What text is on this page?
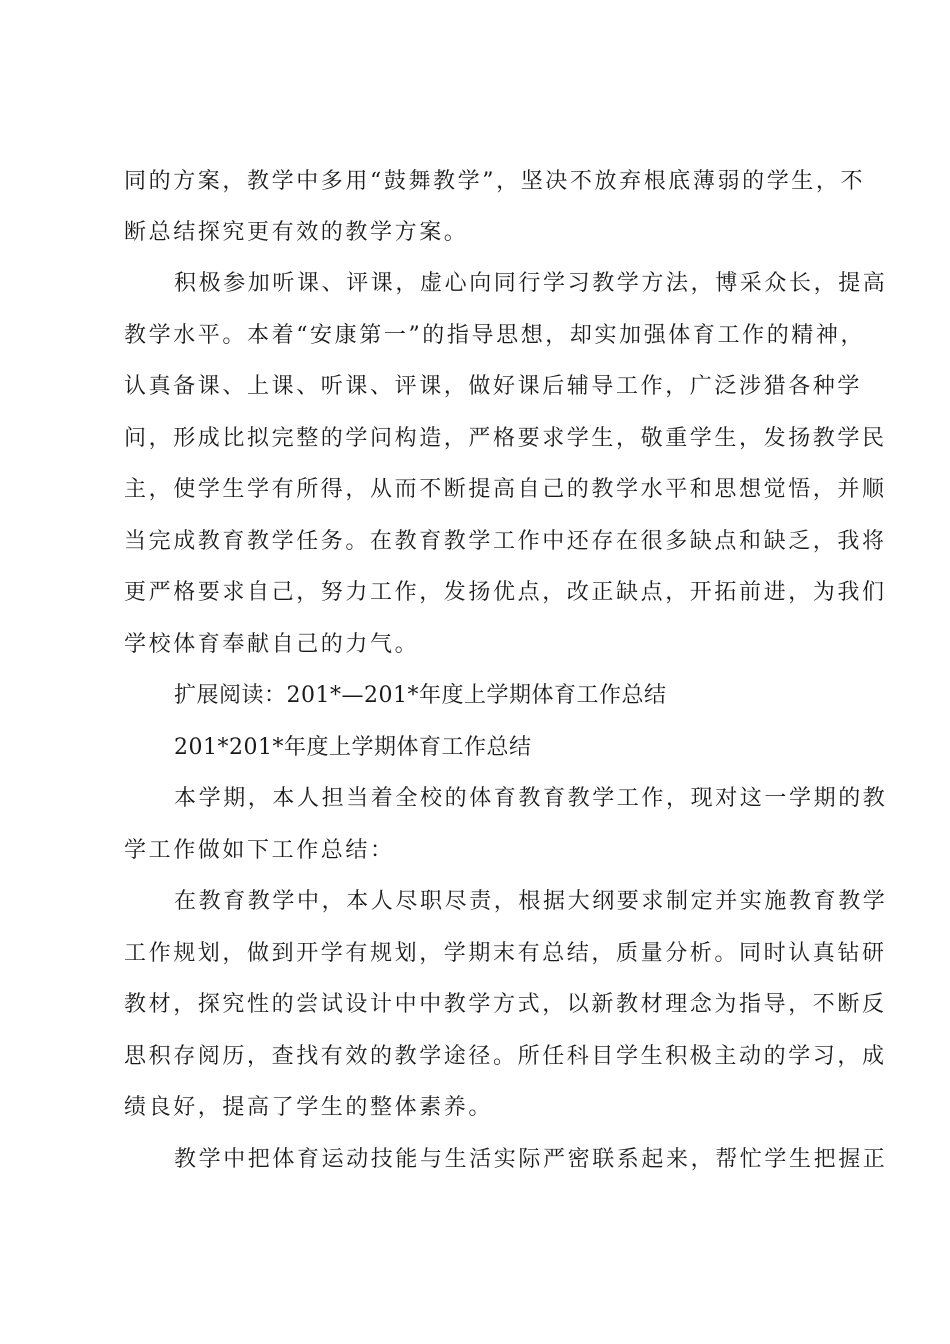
同的方案，教学中多用“鼓舞教学”，坚决不放弃根底薄弱的学生，不
断总结探究更有效的教学方案。
积极参加听课、评课，虚心向同行学习教学方法，博采众长，提高
教学水平。本着“安康第一”的指导思想，却实加强体育工作的精神，
认真备课、上课、听课、评课，做好课后辅导工作，广泛涉猎各种学
问，形成比拟完整的学问构造，严格要求学生，敬重学生，发扬教学民
主，使学生学有所得，从而不断提高自己的教学水平和思想觉悟，并顺
当完成教育教学任务。在教育教学工作中还存在很多缺点和缺乏，我将
更严格要求自己，努力工作，发扬优点，改正缺点，开拓前进，为我们
学校体育奉献自己的力气。
扩展阅读：201*—201*年度上学期体育工作总结
201*201*年度上学期体育工作总结
本学期，本人担当着全校的体育教育教学工作，现对这一学期的教
学工作做如下工作总结：
在教育教学中，本人尽职尽责，根据大纲要求制定并实施教育教学
工作规划，做到开学有规划，学期末有总结，质量分析。同时认真钻研
教材，探究性的尝试设计中中教学方式，以新教材理念为指导，不断反
思积存阅历，查找有效的教学途径。所任科目学生积极主动的学习，成
绩良好，提高了学生的整体素养。
教学中把体育运动技能与生活实际严密联系起来，帮忙学生把握正
